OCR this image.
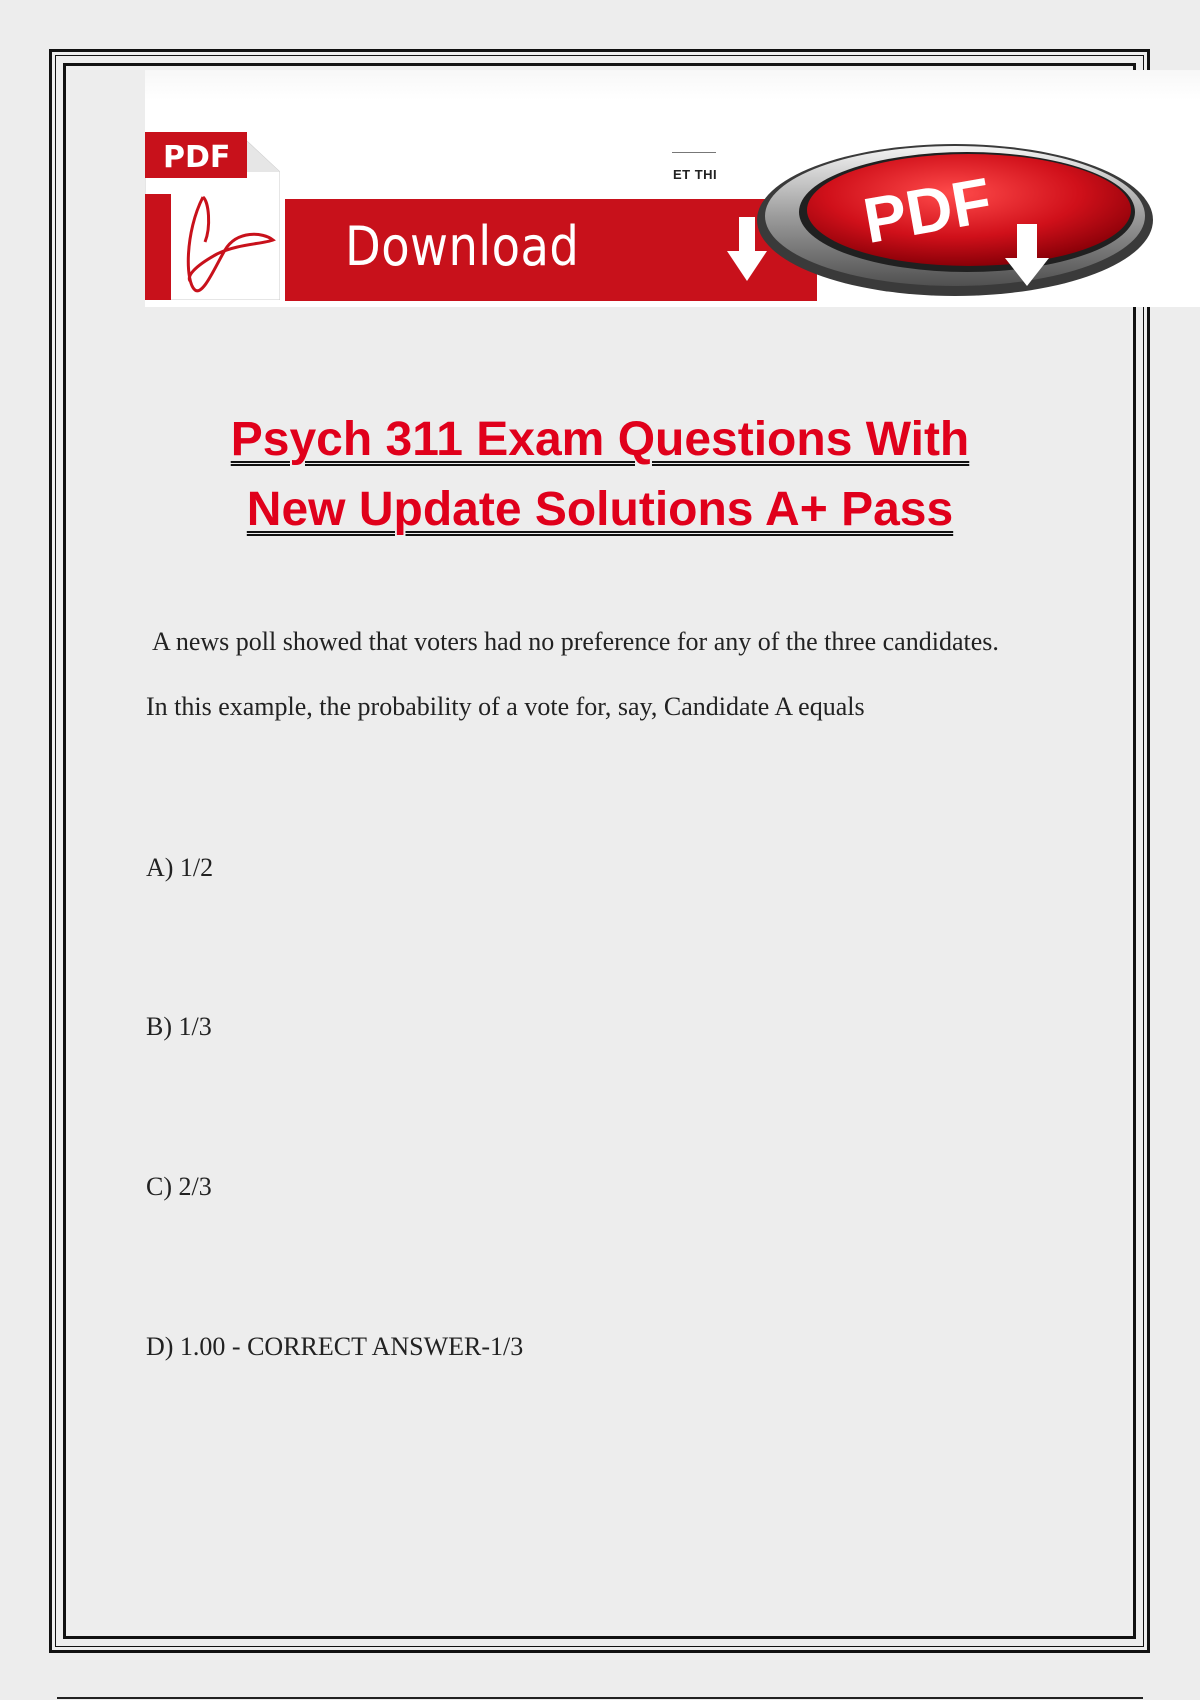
PDF
Download
ET THI PDF
Psych 311 Exam Questions With
New Update Solutions A+ Pass
A news poll showed that voters had no preference for any of the three candidates.
In this example, the probability of a vote for, say, Candidate A equals
A) 1/2
B) 1/3
C) 2/3
D) 1.00 - CORRECT ANSWER-1/3
